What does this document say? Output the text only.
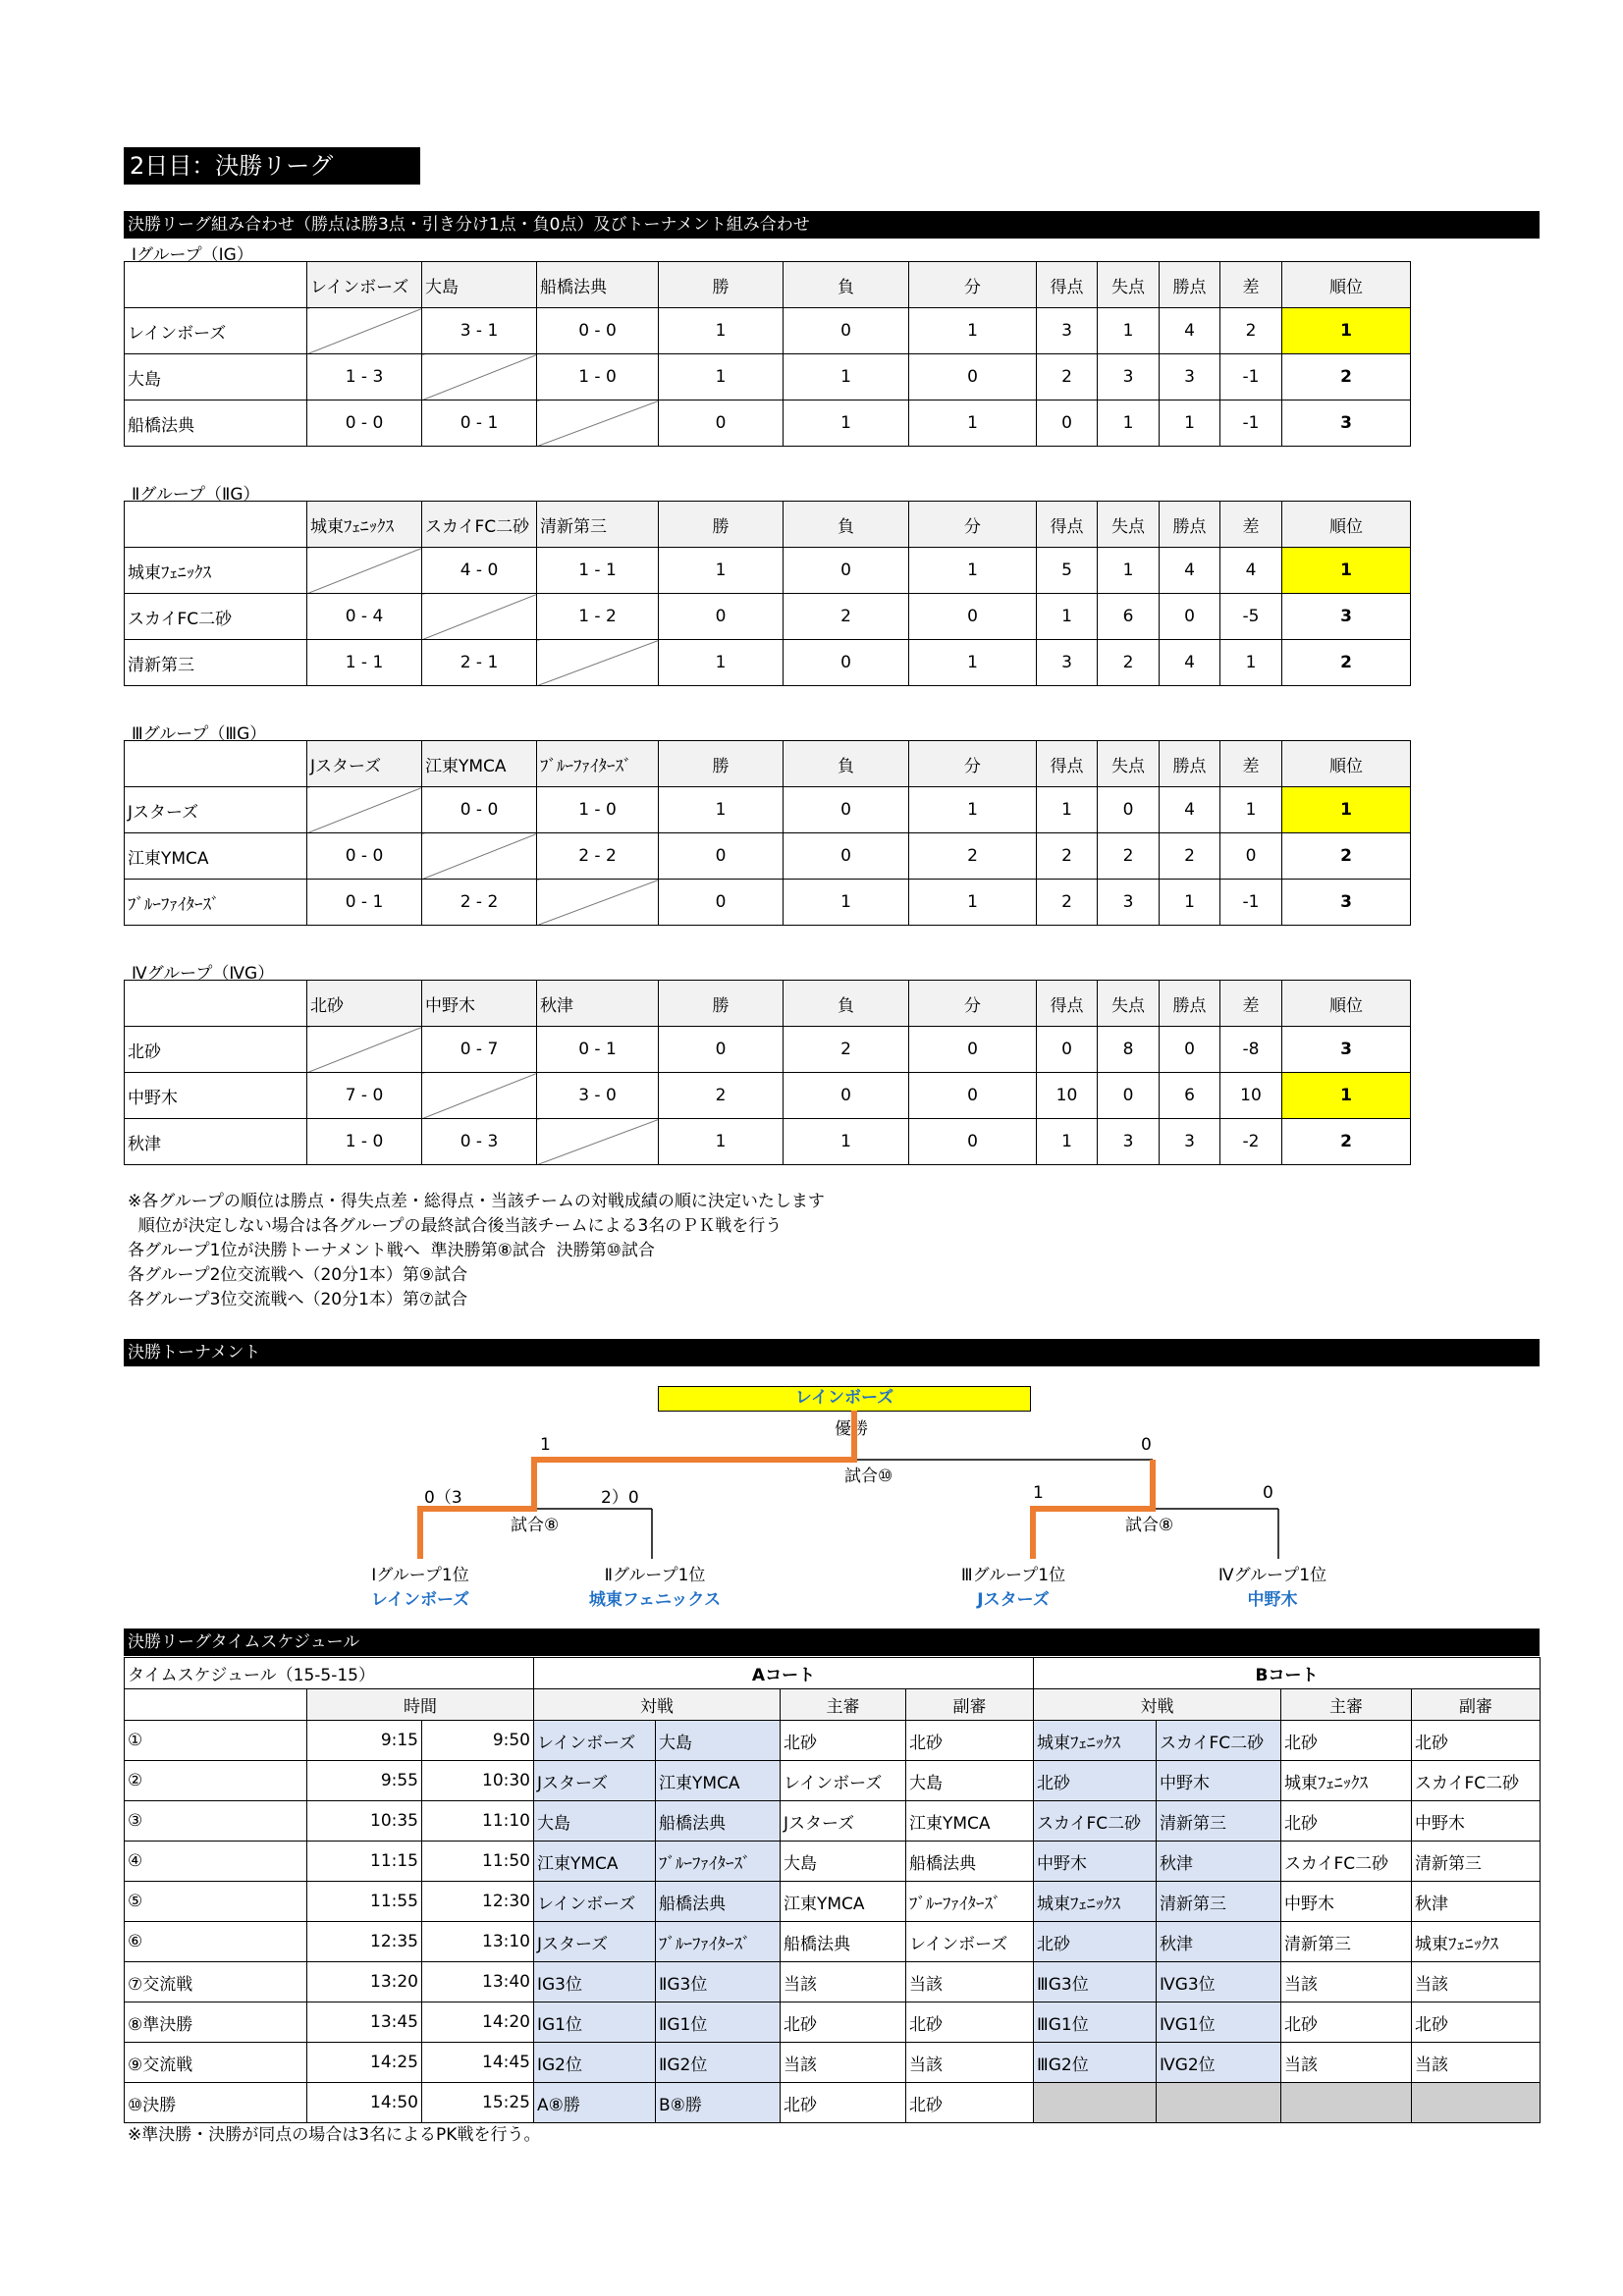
2日目：決勝リーグ
決勝リーグ組み合わせ（勝点は勝3点・引き分け1点・負0点）及びトーナメント組み合わせ
Ⅰグループ（ⅠG）
	レインボーズ	大島	船橋法典	勝	負	分	得点	失点	勝点	差	順位
レインボーズ		3 - 1	0 - 0	1	0	1	3	1	4	2	1
大島	1 - 3		1 - 0	1	1	0	2	3	3	-1	2
船橋法典	0 - 0	0 - 1		0	1	1	0	1	1	-1	3
Ⅱグループ（ⅡG）
	城東ﾌｪﾆｯｸｽ	スカイFC二砂	清新第三	勝	負	分	得点	失点	勝点	差	順位
城東ﾌｪﾆｯｸｽ		4 - 0	1 - 1	1	0	1	5	1	4	4	1
スカイFC二砂	0 - 4		1 - 2	0	2	0	1	6	0	-5	3
清新第三	1 - 1	2 - 1		1	0	1	3	2	4	1	2
Ⅲグループ（ⅢG）
	Jスターズ	江東YMCA	ﾌﾞﾙｰﾌｧｲﾀｰｽﾞ	勝	負	分	得点	失点	勝点	差	順位
Jスターズ		0 - 0	1 - 0	1	0	1	1	0	4	1	1
江東YMCA	0 - 0		2 - 2	0	0	2	2	2	2	0	2
ﾌﾞﾙｰﾌｧｲﾀｰｽﾞ	0 - 1	2 - 2		0	1	1	2	3	1	-1	3
Ⅳグループ（ⅣG）
	北砂	中野木	秋津	勝	負	分	得点	失点	勝点	差	順位
北砂		0 - 7	0 - 1	0	2	0	0	8	0	-8	3
中野木	7 - 0		3 - 0	2	0	0	10	0	6	10	1
秋津	1 - 0	0 - 3		1	1	0	1	3	3	-2	2
※各グループの順位は勝点・得失点差・総得点・当該チームの対戦成績の順に決定いたします
順位が決定しない場合は各グループの最終試合後当該チームによる3名のＰＫ戦を行う
各グループ1位が決勝トーナメント戦へ  準決勝第⑧試合  決勝第⑩試合
各グループ2位交流戦へ（20分1本）第⑨試合
各グループ3位交流戦へ（20分1本）第⑦試合
決勝トーナメント
レインボーズ
優勝
1	0
試合⑩
0（3	2）0	1	0
試合⑧	試合⑧
Ⅰグループ1位
レインボーズ
Ⅱグループ1位
城東フェニックス
Ⅲグループ1位
Jスターズ
Ⅳグループ1位
中野木
決勝リーグタイムスケジュール
タイムスケジュール（15-5-15）			Aコート				Bコート			
	時間		対戦		主審	副審	対戦		主審	副審
①	9:15	9:50	レインボーズ	大島	北砂	北砂	城東ﾌｪﾆｯｸｽ	スカイFC二砂	北砂	北砂
②	9:55	10:30	Jスターズ	江東YMCA	レインボーズ	大島	北砂	中野木	城東ﾌｪﾆｯｸｽ	スカイFC二砂
③	10:35	11:10	大島	船橋法典	Jスターズ	江東YMCA	スカイFC二砂	清新第三	北砂	中野木
④	11:15	11:50	江東YMCA	ﾌﾞﾙｰﾌｧｲﾀｰｽﾞ	大島	船橋法典	中野木	秋津	スカイFC二砂	清新第三
⑤	11:55	12:30	レインボーズ	船橋法典	江東YMCA	ﾌﾞﾙｰﾌｧｲﾀｰｽﾞ	城東ﾌｪﾆｯｸｽ	清新第三	中野木	秋津
⑥	12:35	13:10	Jスターズ	ﾌﾞﾙｰﾌｧｲﾀｰｽﾞ	船橋法典	レインボーズ	北砂	秋津	清新第三	城東ﾌｪﾆｯｸｽ
⑦交流戦	13:20	13:40	ⅠG3位	ⅡG3位	当該	当該	ⅢG3位	ⅣG3位	当該	当該
⑧準決勝	13:45	14:20	ⅠG1位	ⅡG1位	北砂	北砂	ⅢG1位	ⅣG1位	北砂	北砂
⑨交流戦	14:25	14:45	ⅠG2位	ⅡG2位	当該	当該	ⅢG2位	ⅣG2位	当該	当該
⑩決勝	14:50	15:25	A⑧勝	B⑧勝	北砂	北砂				
※準決勝・決勝が同点の場合は3名によるPK戦を行う。
